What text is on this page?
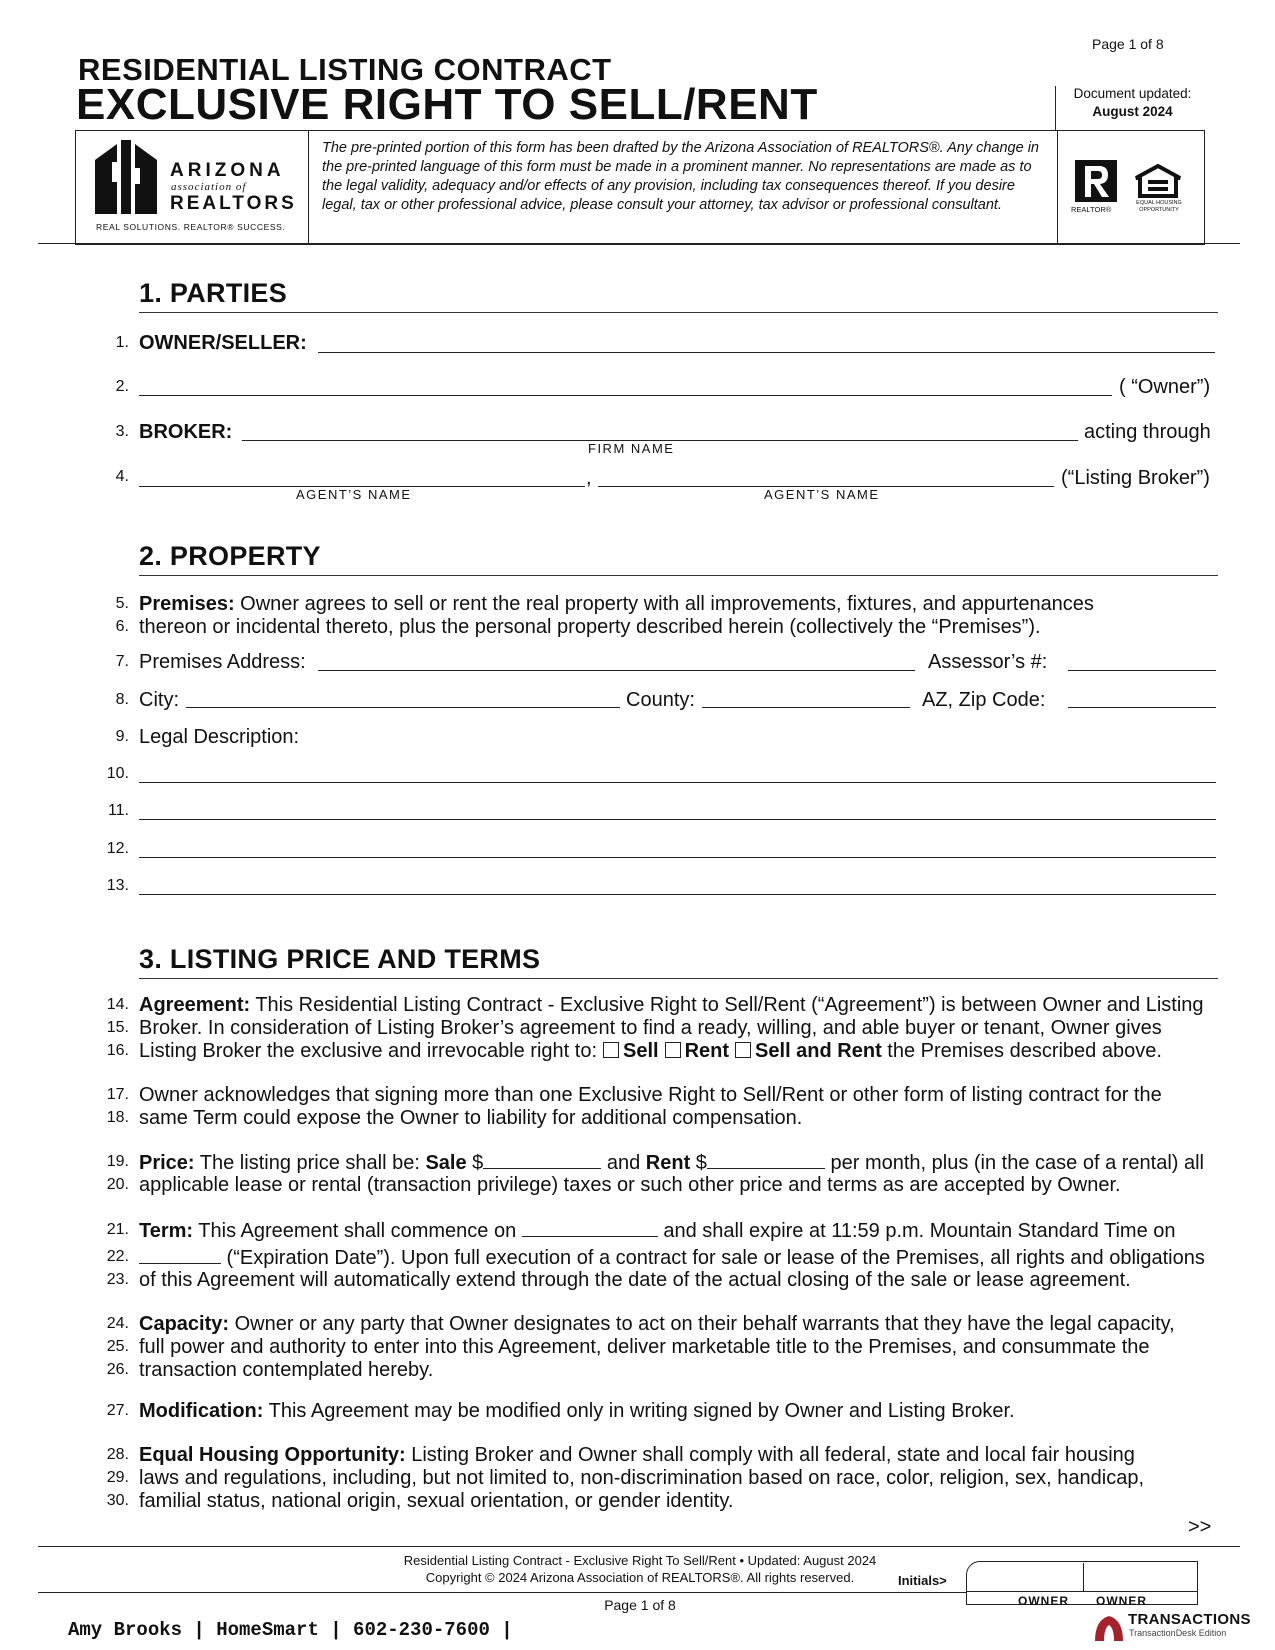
Page 1 of 8
RESIDENTIAL LISTING CONTRACT
EXCLUSIVE RIGHT TO SELL/RENT	Document updated:
August 2024
ARIZONA
association of
REALTORS
REAL SOLUTIONS. REALTOR® SUCCESS.
The pre-printed portion of this form has been drafted by the Arizona Association of REALTORS®. Any change in the pre-printed language of this form must be made in a prominent manner. No representations are made as to the legal validity, adequacy and/or effects of any provision, including tax consequences thereof. If you desire legal, tax or other professional advice, please consult your attorney, tax advisor or professional consultant.	REALTOR®
EQUAL HOUSING OPPORTUNITY
1. PARTIES
1. OWNER/SELLER:
2.	( “Owner”)
3. BROKER:	acting through
FIRM NAME
4.	,	(“Listing Broker”)
AGENT’S NAME	AGENT’S NAME
2. PROPERTY
5. Premises: Owner agrees to sell or rent the real property with all improvements, fixtures, and appurtenances
6. thereon or incidental thereto, plus the personal property described herein (collectively the “Premises”).
7. Premises Address:	Assessor’s #:
8. City:	County:	AZ, Zip Code:
9. Legal Description:
10.
11.
12.
13.
3. LISTING PRICE AND TERMS
14. Agreement: This Residential Listing Contract - Exclusive Right to Sell/Rent (“Agreement”) is between Owner and Listing
15. Broker. In consideration of Listing Broker’s agreement to find a ready, willing, and able buyer or tenant, Owner gives
16. Listing Broker the exclusive and irrevocable right to: Sell Rent Sell and Rent the Premises described above.
17. Owner acknowledges that signing more than one Exclusive Right to Sell/Rent or other form of listing contract for the
18. same Term could expose the Owner to liability for additional compensation.
19. Price: The listing price shall be: Sale $	and Rent $	per month, plus (in the case of a rental) all
20. applicable lease or rental (transaction privilege) taxes or such other price and terms as are accepted by Owner.
21. Term: This Agreement shall commence on	and shall expire at 11:59 p.m. Mountain Standard Time on
22.	(“Expiration Date”). Upon full execution of a contract for sale or lease of the Premises, all rights and obligations
23. of this Agreement will automatically extend through the date of the actual closing of the sale or lease agreement.
24. Capacity: Owner or any party that Owner designates to act on their behalf warrants that they have the legal capacity,
25. full power and authority to enter into this Agreement, deliver marketable title to the Premises, and consummate the
26. transaction contemplated hereby.
27. Modification: This Agreement may be modified only in writing signed by Owner and Listing Broker.
28. Equal Housing Opportunity: Listing Broker and Owner shall comply with all federal, state and local fair housing
29. laws and regulations, including, but not limited to, non-discrimination based on race, color, religion, sex, handicap,
30. familial status, national origin, sexual orientation, or gender identity.
>>
Residential Listing Contract - Exclusive Right To Sell/Rent • Updated: August 2024
Copyright © 2024 Arizona Association of REALTORS®. All rights reserved.	Initials>
OWNER OWNER
Page 1 of 8
Amy Brooks | HomeSmart | 602-230-7600 |	TRANSACTIONS
TransactionDesk Edition
